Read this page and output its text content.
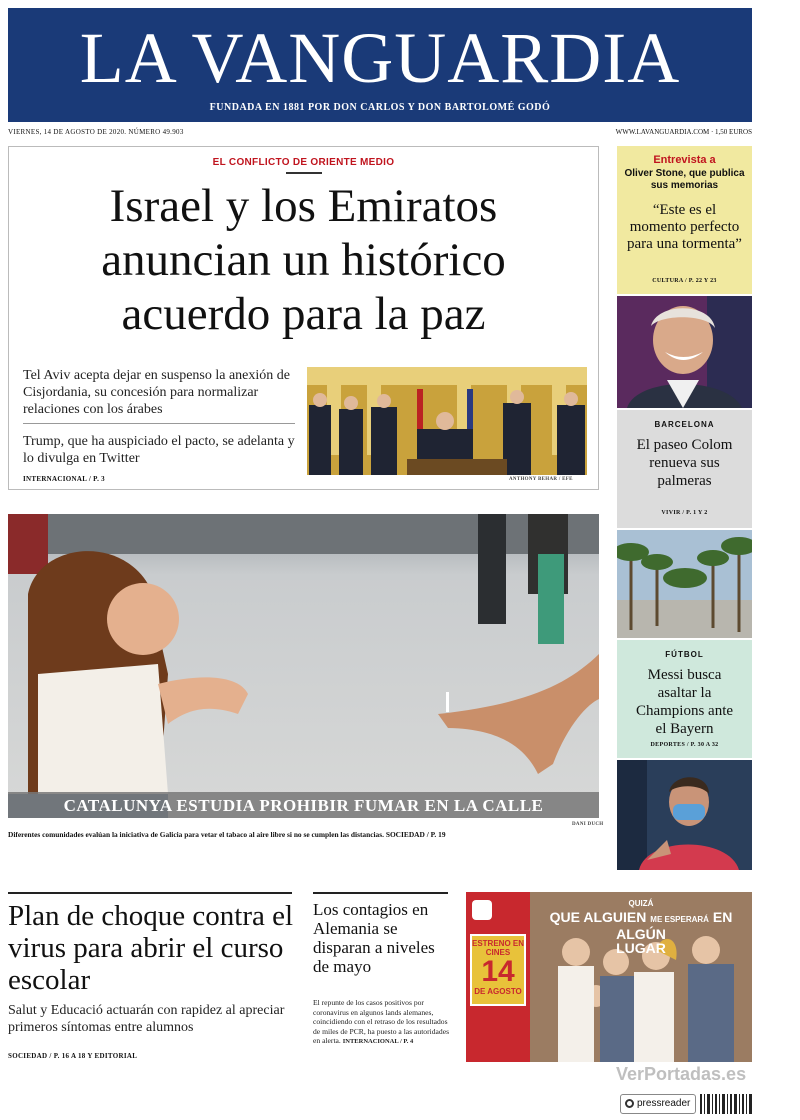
LA VANGUARDIA
FUNDADA EN 1881 POR DON CARLOS Y DON BARTOLOMÉ GODÓ
VIERNES, 14 DE AGOSTO DE 2020. NÚMERO 49.903	WWW.LAVANGUARDIA.COM · 1,50 EUROS
EL CONFLICTO DE ORIENTE MEDIO
Israel y los Emiratos
anuncian un histórico
acuerdo para la paz
Tel Aviv acepta dejar en suspenso la anexión de Cisjordania, su concesión para normalizar relaciones con los árabes
Trump, que ha auspiciado el pacto, se adelanta y lo divulga en Twitter
INTERNACIONAL / P. 3	ANTHONY BEHAR / EFE
CATALUNYA ESTUDIA PROHIBIR FUMAR EN LA CALLE
DANI DUCH
Diferentes comunidades evalúan la iniciativa de Galicia para vetar el tabaco al aire libre si no se cumplen las distancias. SOCIEDAD / P. 19
Entrevista a
Oliver Stone, que publica sus memorias
“Este es el momento perfecto para una tormenta”
CULTURA / P. 22 Y 23
BARCELONA
El paseo Colom renueva sus palmeras
VIVIR / P. 1 Y 2
FÚTBOL
Messi busca asaltar la Champions ante el Bayern
DEPORTES / P. 30 A 32
Plan de choque contra el virus para abrir el curso escolar
Salut y Educació actuarán con rapidez al apreciar primeros síntomas entre alumnos
SOCIEDAD / P. 16 A 18 Y EDITORIAL
Los contagios en Alemania se disparan a niveles de mayo
El repunte de los casos positivos por coronavirus en algunos lands alemanes, coincidiendo con el retraso de los resultados de miles de PCR, ha puesto a las autoridades en alerta. INTERNACIONAL / P. 4
ESTRENO EN CINES
14
DE AGOSTO
QUIZÁ
QUE ALGUIEN ME ESPERARÁ EN ALGÚN
LUGAR
VerPortadas.es
pressreader
